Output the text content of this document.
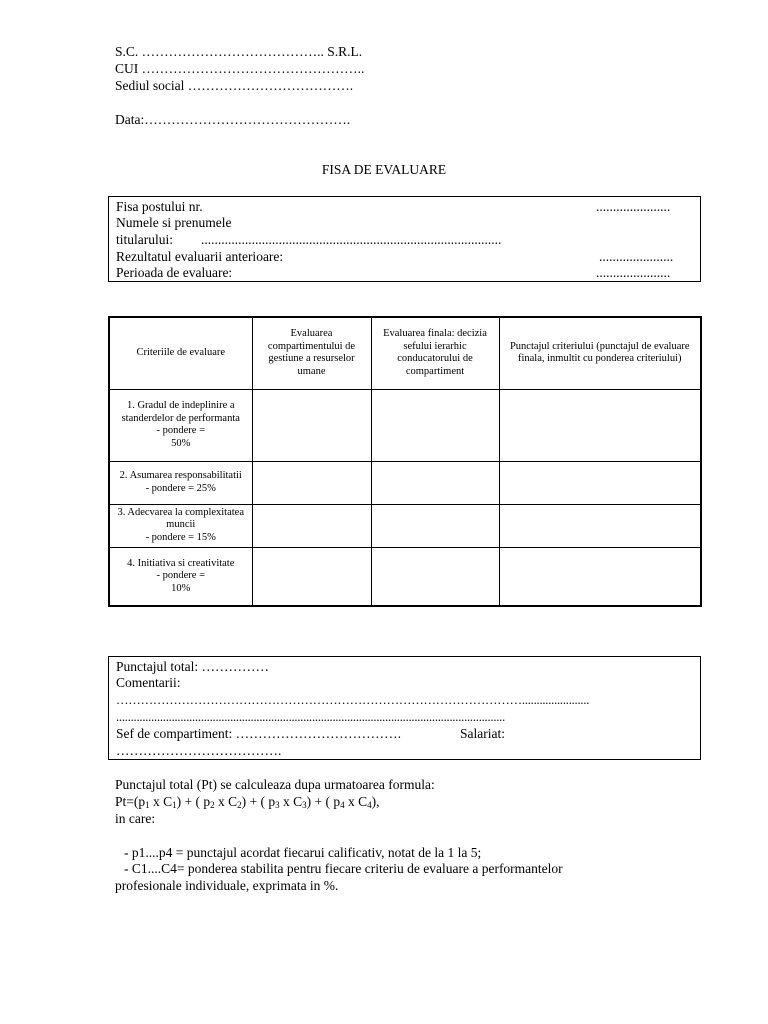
S.C. ………………………………….. S.R.L.
CUI …………………………………………..
Sediul social ……………………………….
Data:……………………………………….
FISA DE EVALUARE
Fisa postului nr.	......................
Numele si prenumele
titularului: .........................................................................................
Rezultatul evaluarii anterioare:	......................
Perioada de evaluare:	......................
Criteriile de evaluare	Evaluarea compartimentului de gestiune a resurselor umane	Evaluarea finala: decizia sefului ierarhic conducatorului de compartiment	Punctajul criteriului (punctajul de evaluare finala, inmultit cu ponderea criteriului)

1. Gradul de indeplinire a standerdelor de performanta
- pondere =
50%			

2. Asumarea responsabilitatii
- pondere = 25%			

3. Adecvarea la complexitatea muncii
- pondere = 15%			

4. Initiativa si creativitate
- pondere =
10%			

Punctajul total: ……………
Comentarii:
……………………………………………………………………………………….......................
.....................................................................................................................................
Sef de compartiment: ……………………………….	Salariat:
……………………………….
Punctajul total (Pt) se calculeaza dupa urmatoarea formula:
$Pt=(p_1$ x $C_1$) + ( $p_2$ x $C_2$) + ( $p_3$ x $C_3$) + ( $p_4$ x $C_4$),
in care:
- p1....p4 = punctajul acordat fiecarui calificativ, notat de la 1 la 5;
- C1....C4= ponderea stabilita pentru fiecare criteriu de evaluare a performantelor
profesionale individuale, exprimata in %.
